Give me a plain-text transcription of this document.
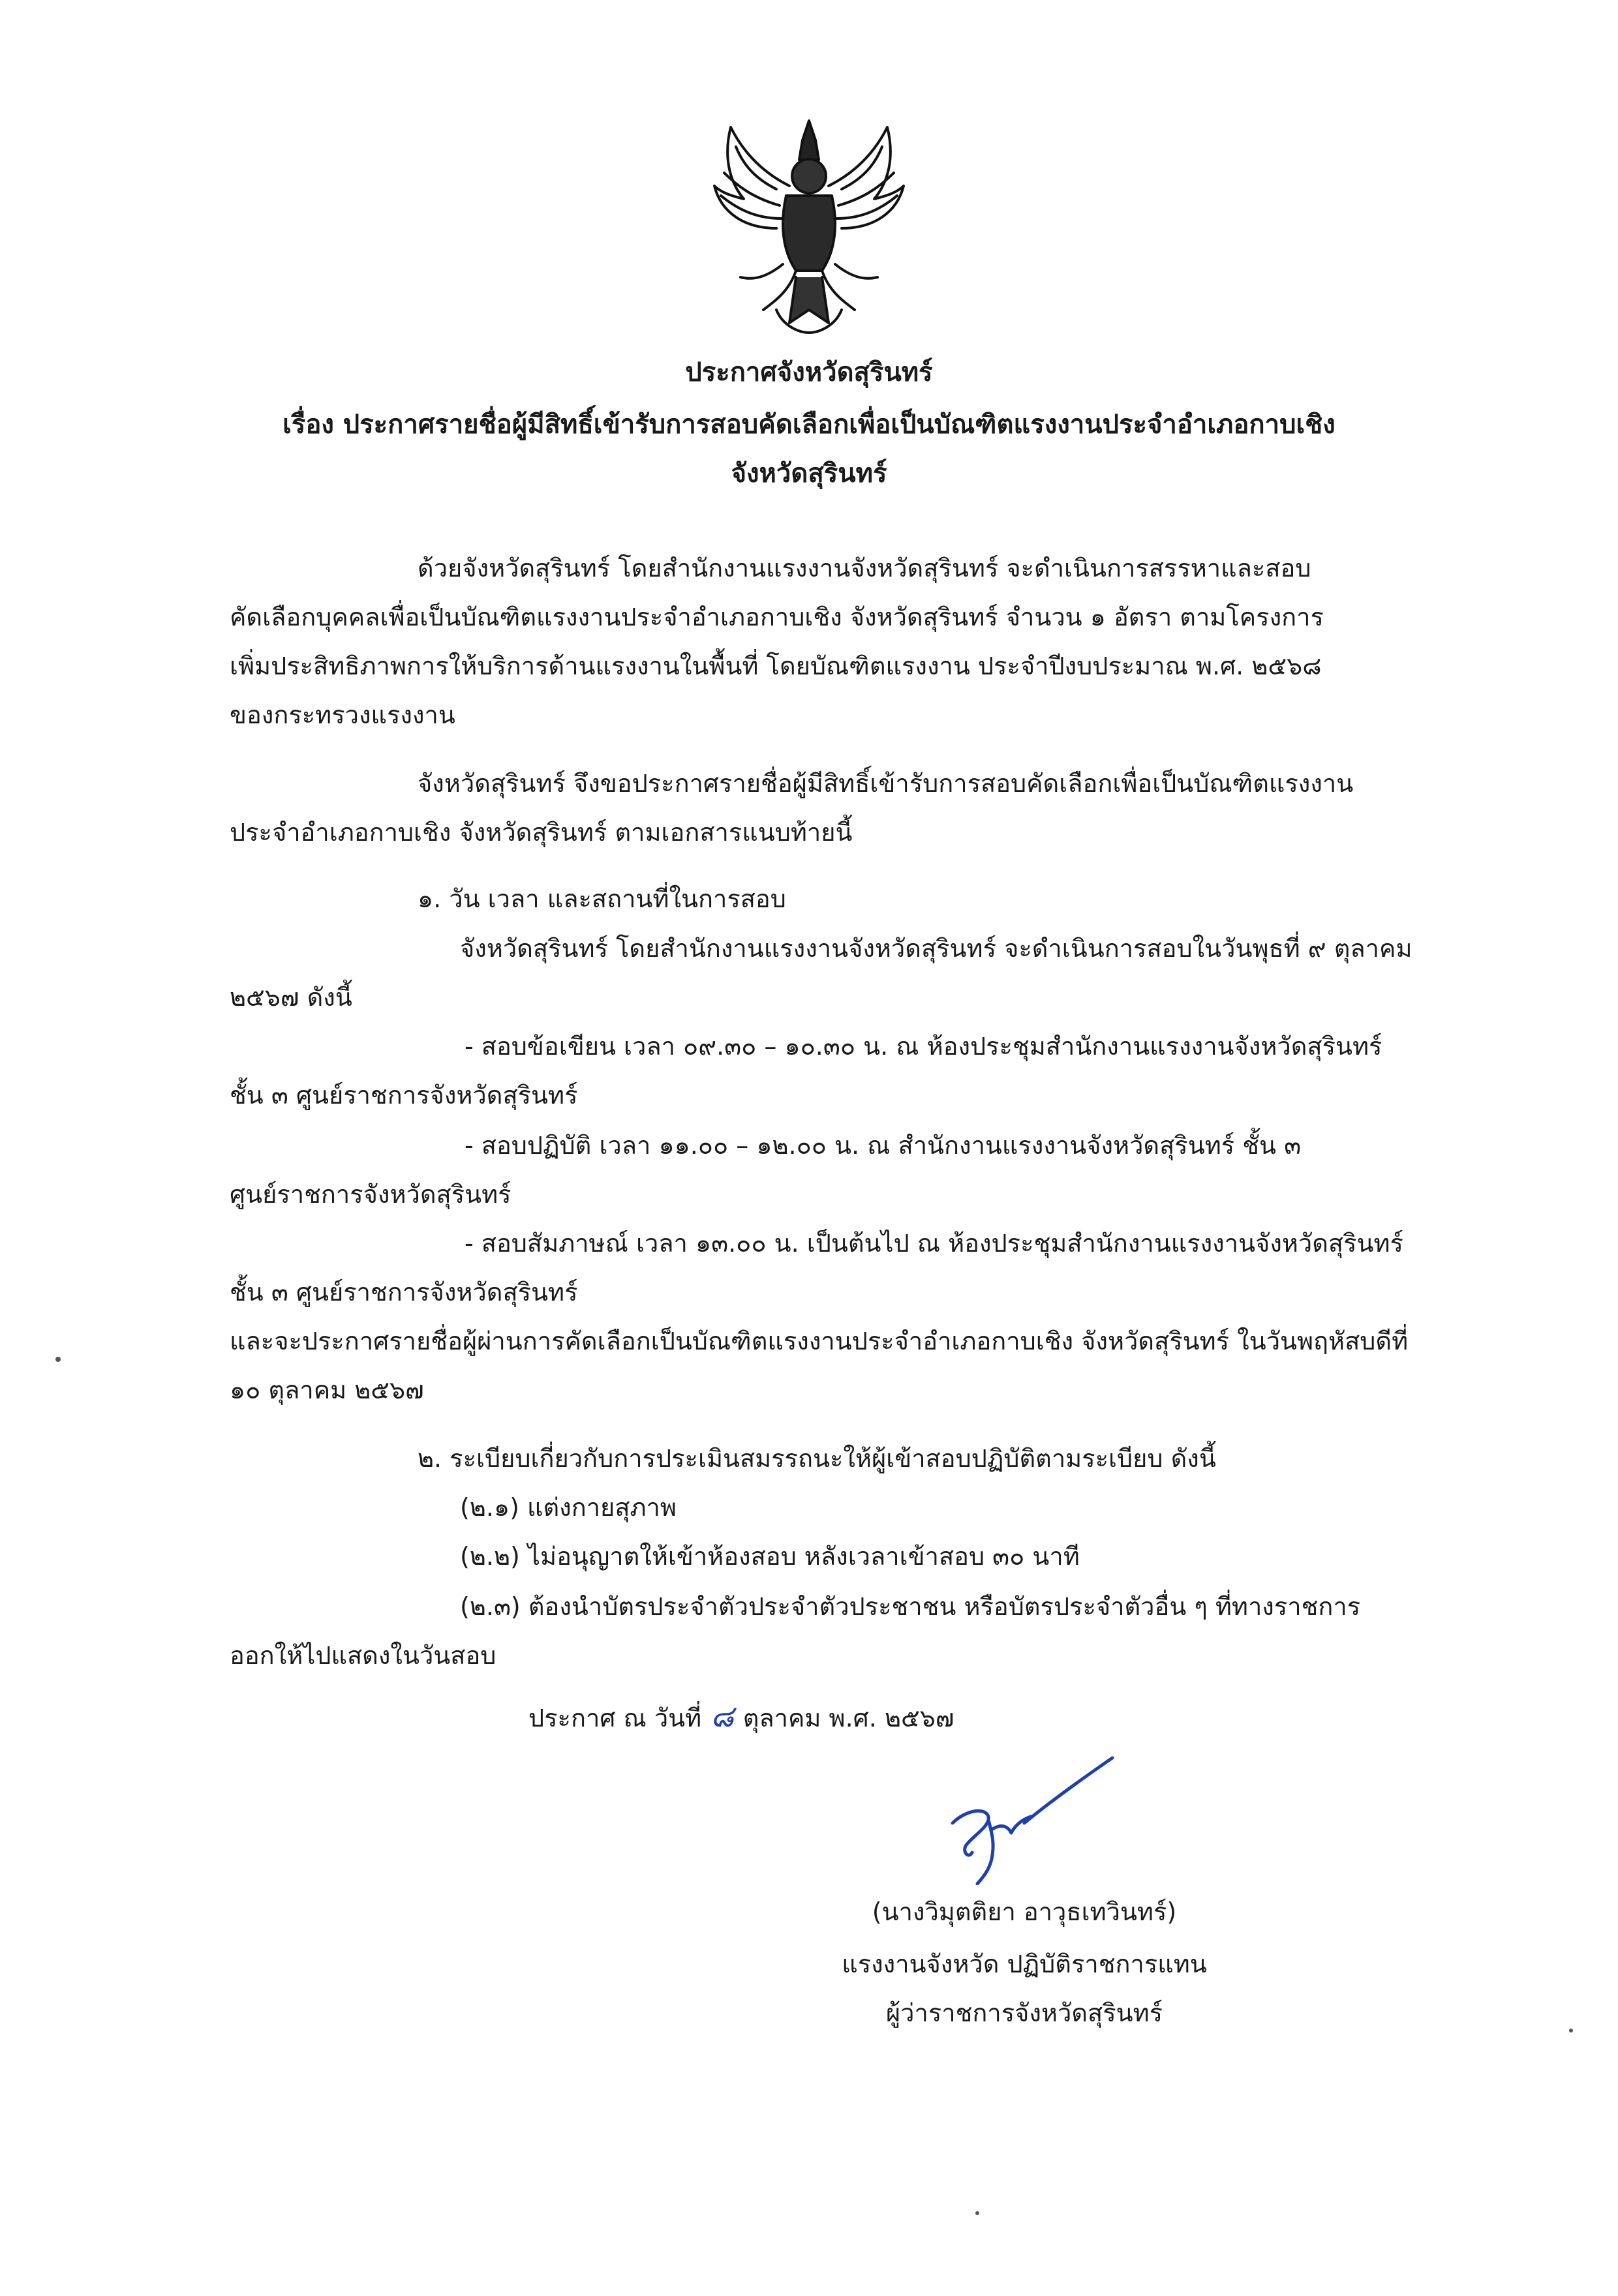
ประกาศจังหวัดสุรินทร์
เรื่อง ประกาศรายชื่อผู้มีสิทธิ์เข้ารับการสอบคัดเลือกเพื่อเป็นบัณฑิตแรงงานประจำอำเภอกาบเชิง
จังหวัดสุรินทร์
ด้วยจังหวัดสุรินทร์ โดยสำนักงานแรงงานจังหวัดสุรินทร์ จะดำเนินการสรรหาและสอบ
คัดเลือกบุคคลเพื่อเป็นบัณฑิตแรงงานประจำอำเภอกาบเชิง จังหวัดสุรินทร์ จำนวน ๑ อัตรา ตามโครงการ
เพิ่มประสิทธิภาพการให้บริการด้านแรงงานในพื้นที่ โดยบัณฑิตแรงงาน ประจำปีงบประมาณ พ.ศ. ๒๕๖๘
ของกระทรวงแรงงาน
จังหวัดสุรินทร์ จึงขอประกาศรายชื่อผู้มีสิทธิ์เข้ารับการสอบคัดเลือกเพื่อเป็นบัณฑิตแรงงาน
ประจำอำเภอกาบเชิง จังหวัดสุรินทร์ ตามเอกสารแนบท้ายนี้
๑. วัน เวลา และสถานที่ในการสอบ
จังหวัดสุรินทร์ โดยสำนักงานแรงงานจังหวัดสุรินทร์ จะดำเนินการสอบในวันพุธที่ ๙ ตุลาคม
๒๕๖๗ ดังนี้
- สอบข้อเขียน เวลา ๐๙.๓๐ – ๑๐.๓๐ น. ณ ห้องประชุมสำนักงานแรงงานจังหวัดสุรินทร์
ชั้น ๓ ศูนย์ราชการจังหวัดสุรินทร์
- สอบปฏิบัติ เวลา ๑๑.๐๐ – ๑๒.๐๐ น. ณ สำนักงานแรงงานจังหวัดสุรินทร์ ชั้น ๓
ศูนย์ราชการจังหวัดสุรินทร์
- สอบสัมภาษณ์ เวลา ๑๓.๐๐ น. เป็นต้นไป ณ ห้องประชุมสำนักงานแรงงานจังหวัดสุรินทร์
ชั้น ๓ ศูนย์ราชการจังหวัดสุรินทร์
และจะประกาศรายชื่อผู้ผ่านการคัดเลือกเป็นบัณฑิตแรงงานประจำอำเภอกาบเชิง จังหวัดสุรินทร์ ในวันพฤหัสบดีที่
๑๐ ตุลาคม ๒๕๖๗
๒. ระเบียบเกี่ยวกับการประเมินสมรรถนะให้ผู้เข้าสอบปฏิบัติตามระเบียบ ดังนี้
(๒.๑) แต่งกายสุภาพ
(๒.๒) ไม่อนุญาตให้เข้าห้องสอบ หลังเวลาเข้าสอบ ๓๐ นาที
(๒.๓) ต้องนำบัตรประจำตัวประจำตัวประชาชน หรือบัตรประจำตัวอื่น ๆ ที่ทางราชการ
ออกให้ไปแสดงในวันสอบ
ประกาศ ณ วันที่ ๘ ตุลาคม พ.ศ. ๒๕๖๗
(นางวิมุตติยา อาวุธเทวินทร์)
แรงงานจังหวัด ปฏิบัติราชการแทน
ผู้ว่าราชการจังหวัดสุรินทร์
